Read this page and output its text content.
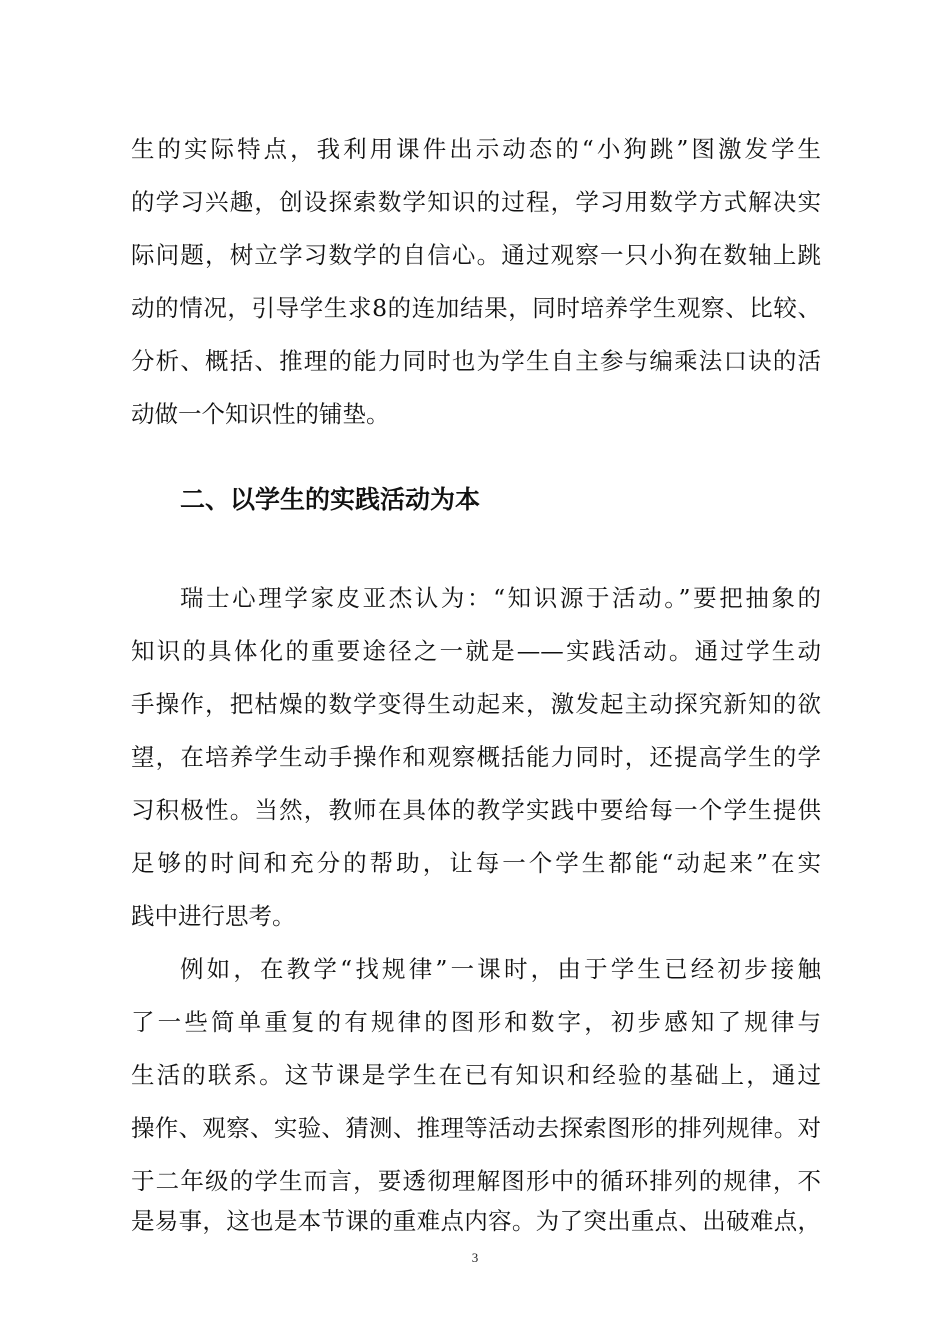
生的实际特点，我利用课件出示动态的“小狗跳”图激发学生
的学习兴趣，创设探索数学知识的过程，学习用数学方式解决实
际问题，树立学习数学的自信心。通过观察一只小狗在数轴上跳
动的情况，引导学生求8的连加结果，同时培养学生观察、比较、
分析、概括、推理的能力同时也为学生自主参与编乘法口诀的活
动做一个知识性的铺垫。
二、以学生的实践活动为本
瑞士心理学家皮亚杰认为：“知识源于活动。”要把抽象的
知识的具体化的重要途径之一就是——实践活动。通过学生动
手操作，把枯燥的数学变得生动起来，激发起主动探究新知的欲
望，在培养学生动手操作和观察概括能力同时，还提高学生的学
习积极性。当然，教师在具体的教学实践中要给每一个学生提供
足够的时间和充分的帮助，让每一个学生都能“动起来”在实
践中进行思考。
例如，在教学“找规律”一课时，由于学生已经初步接触
了一些简单重复的有规律的图形和数字，初步感知了规律与
生活的联系。这节课是学生在已有知识和经验的基础上，通过
操作、观察、实验、猜测、推理等活动去探索图形的排列规律。对
于二年级的学生而言，要透彻理解图形中的循环排列的规律，不
是易事，这也是本节课的重难点内容。为了突出重点、出破难点，
3
